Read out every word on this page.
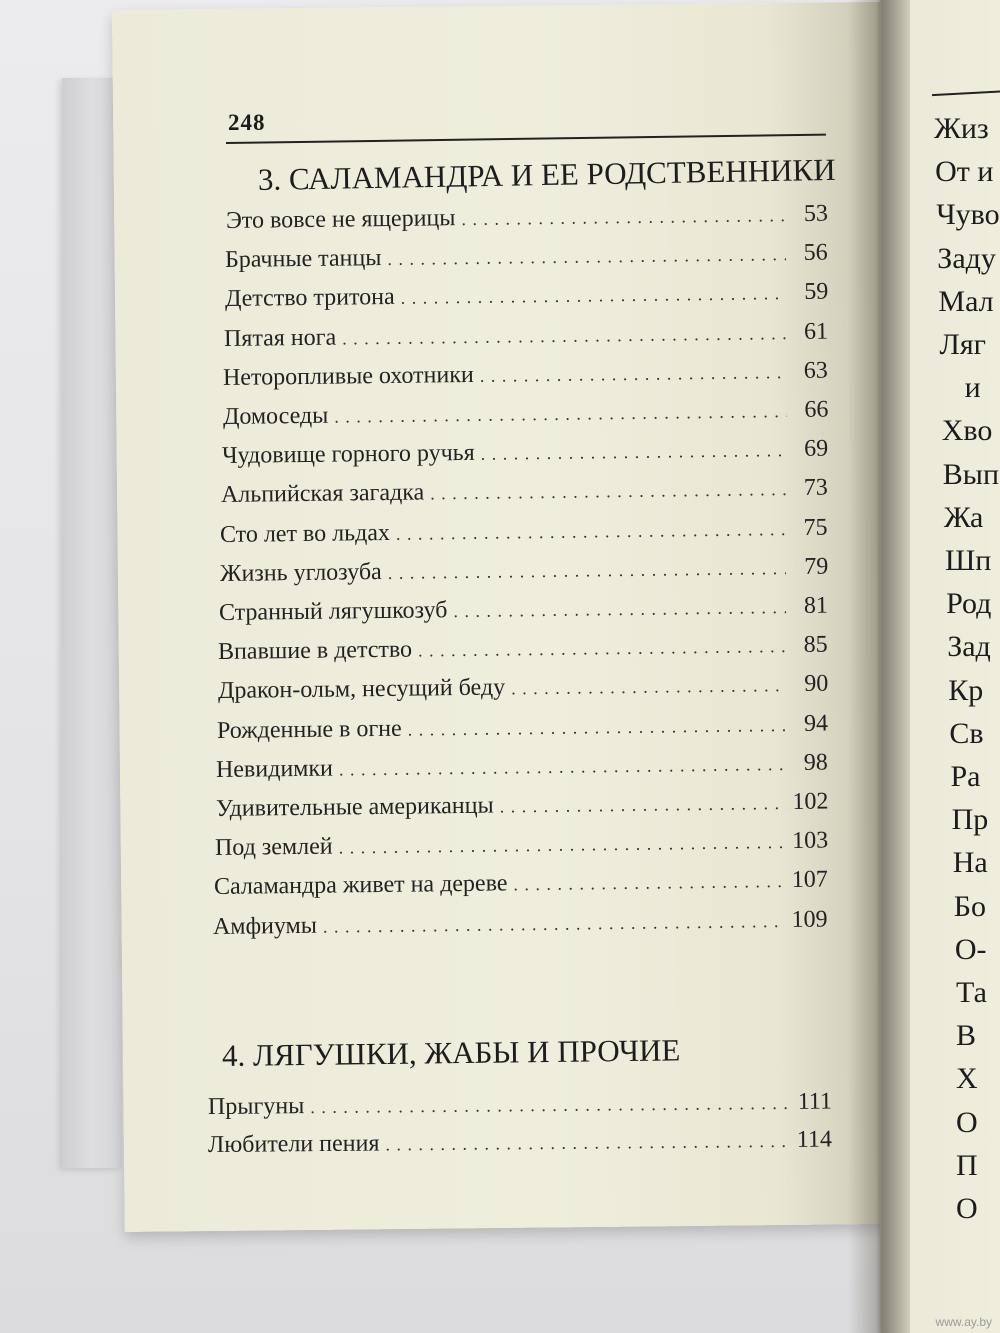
248
3. САЛАМАНДРА И ЕЕ РОДСТВЕННИКИ
Это вовсе не ящерицы . . .	53
Брачные танцы . . .	56
Детство тритона . . .	59
Пятая нога . . .	61
Неторопливые охотники . . .	63
Домоседы . . .	66
Чудовище горного ручья . . .	69
Альпийская загадка . . .	73
Сто лет во льдах . . .	75
Жизнь углозуба . . .	79
Странный лягушкозуб . . .	81
Впавшие в детство . . .	85
Дракон-ольм, несущий беду . . .	90
Рожденные в огне . . .	94
Невидимки . . .	98
Удивительные американцы . . .	102
Под землей . . .	103
Саламандра живет на дереве . . .	107
Амфиумы . . .	109
4. ЛЯГУШКИ, ЖАБЫ И ПРОЧИЕ
Прыгуны . . .	111
Любители пения . . .	114
Жиз
От и
Чуво
Заду
Мал
Ляг
и
Хво
Вып
Жа
Шп
Род
Зад
Кр
Св
Ра
Пр
На
Бо
О-
Та
В
Х
О
П
О
www.ay.by
